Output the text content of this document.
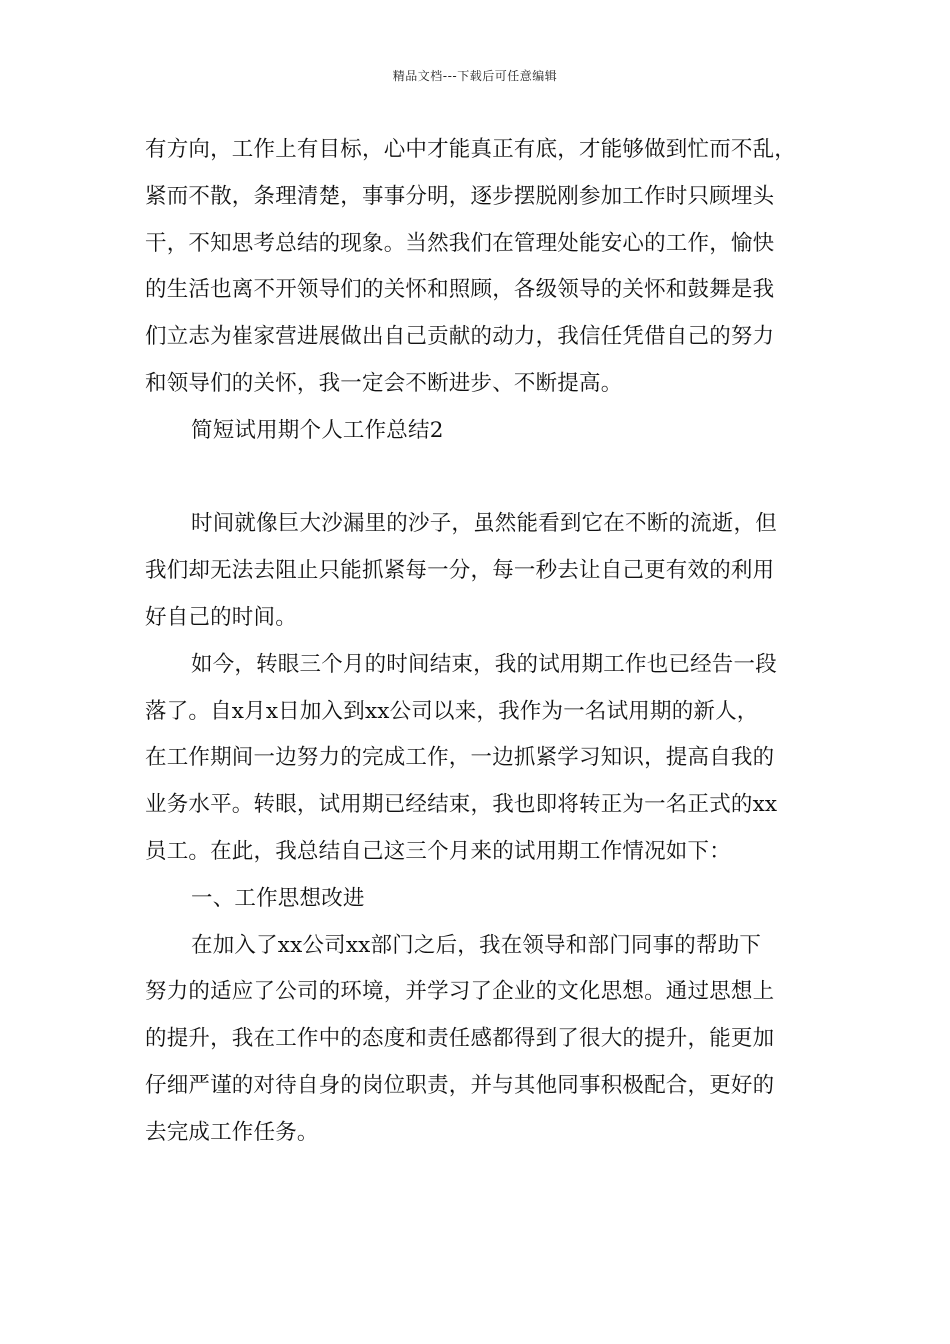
精品文档---下载后可任意编辑
有方向，工作上有目标，心中才能真正有底，才能够做到忙而不乱，
紧而不散，条理清楚，事事分明，逐步摆脱刚参加工作时只顾埋头
干，不知思考总结的现象。当然我们在管理处能安心的工作，愉快
的生活也离不开领导们的关怀和照顾，各级领导的关怀和鼓舞是我
们立志为崔家营进展做出自己贡献的动力，我信任凭借自己的努力
和领导们的关怀，我一定会不断进步、不断提高。
简短试用期个人工作总结2
时间就像巨大沙漏里的沙子，虽然能看到它在不断的流逝，但
我们却无法去阻止只能抓紧每一分，每一秒去让自己更有效的利用
好自己的时间。
如今，转眼三个月的时间结束，我的试用期工作也已经告一段
落了。自x月x日加入到xx公司以来，我作为一名试用期的新人，
在工作期间一边努力的完成工作，一边抓紧学习知识，提高自我的
业务水平。转眼，试用期已经结束，我也即将转正为一名正式的xx
员工。在此，我总结自己这三个月来的试用期工作情况如下：
一、工作思想改进
在加入了xx公司xx部门之后，我在领导和部门同事的帮助下
努力的适应了公司的环境，并学习了企业的文化思想。通过思想上
的提升，我在工作中的态度和责任感都得到了很大的提升，能更加
仔细严谨的对待自身的岗位职责，并与其他同事积极配合，更好的
去完成工作任务。
